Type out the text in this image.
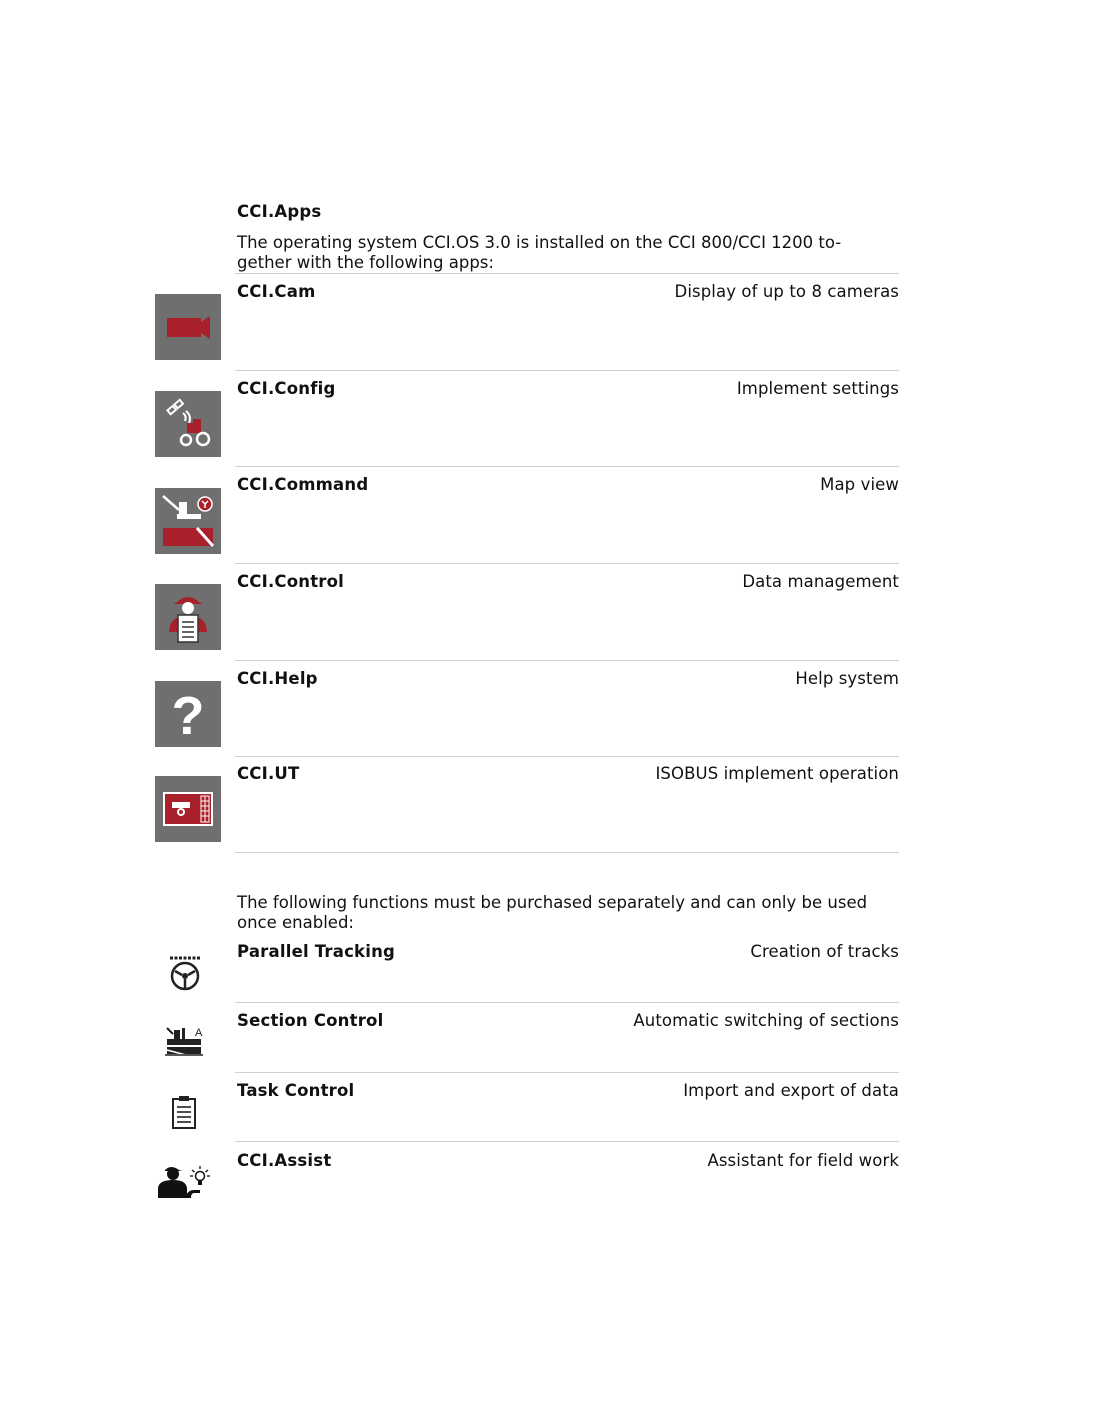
CCI.Apps
The operating system CCI.OS 3.0 is installed on the CCI 800/CCI 1200 to-
gether with the following apps:
CCI.Cam	Display of up to 8 cameras
CCI.Config	Implement settings
CCI.Command	Map view
CCI.Control	Data management
?
CCI.Help	Help system
CCI.UT	ISOBUS implement operation
The following functions must be purchased separately and can only be used
once enabled:
Parallel Tracking	Creation of tracks
A
Section Control	Automatic switching of sections
Task Control	Import and export of data
CCI.Assist	Assistant for field work
